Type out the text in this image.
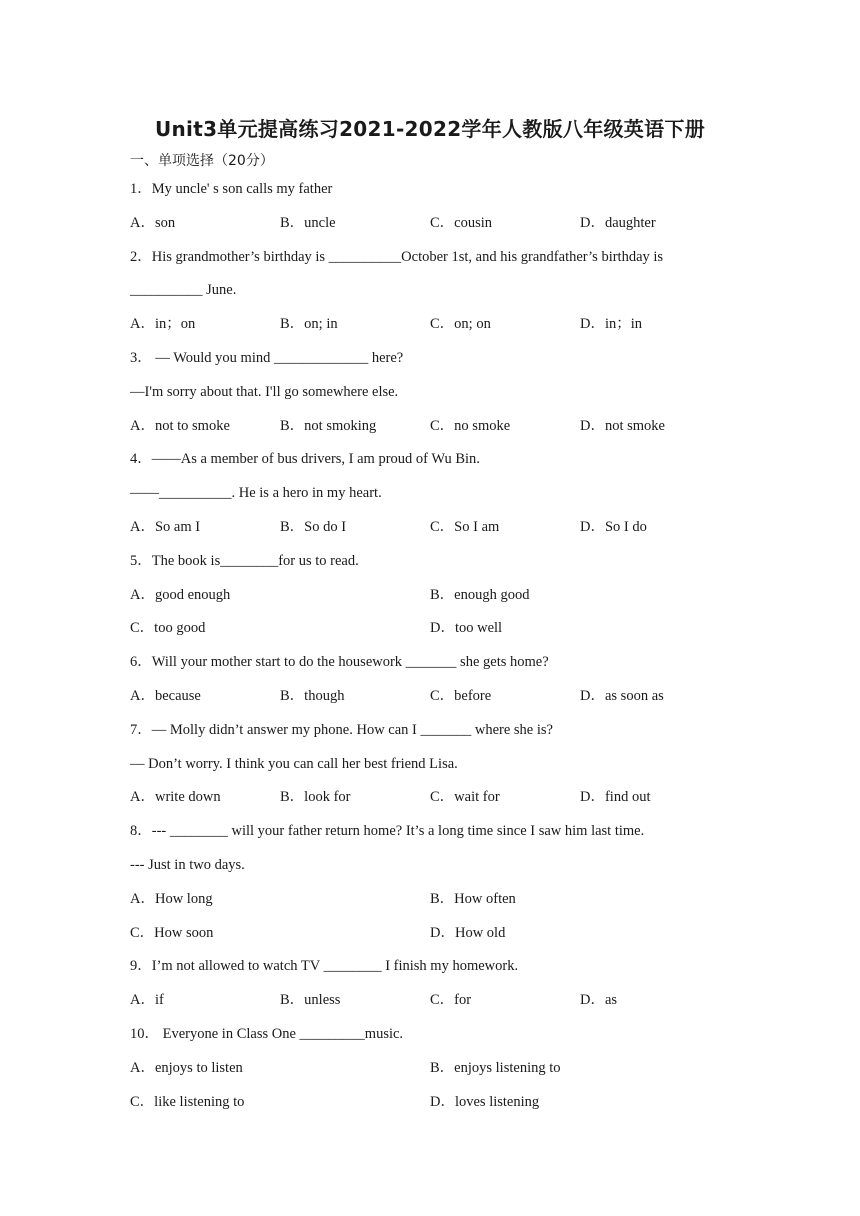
Unit3单元提高练习2021-2022学年人教版八年级英语下册
一、单项选择（20分）
1．My uncle' s son calls my father
A．son	B．uncle	C．cousin	D．daughter
2．His grandmother’s birthday is __________October 1st, and his grandfather’s birthday is
__________ June.
A．in；on	B．on; in	C．on; on	D．in；in
3． — Would you mind _____________ here?
—I'm sorry about that. I'll go somewhere else.
A．not to smoke	B．not smoking	C．no smoke	D．not smoke
4．——As a member of bus drivers, I am proud of Wu Bin.
——__________. He is a hero in my heart.
A．So am I	B．So do I	C．So I am	D．So I do
5．The book is________for us to read.
A．good enough	B．enough good
C．too good	D．too well
6．Will your mother start to do the housework _______ she gets home?
A．because	B．though	C．before	D．as soon as
7．— Molly didn’t answer my phone. How can I _______ where she is?
— Don’t worry. I think you can call her best friend Lisa.
A．write down	B．look for	C．wait for	D．find out
8．--- ________ will your father return home? It’s a long time since I saw him last time.
--- Just in two days.
A．How long	B．How often
C．How soon	D．How old
9．I’m not allowed to watch TV ________ I finish my homework.
A．if	B．unless	C．for	D．as
10． Everyone in Class One _________music.
A．enjoys to listen	B．enjoys listening to
C．like listening to	D．loves listening
